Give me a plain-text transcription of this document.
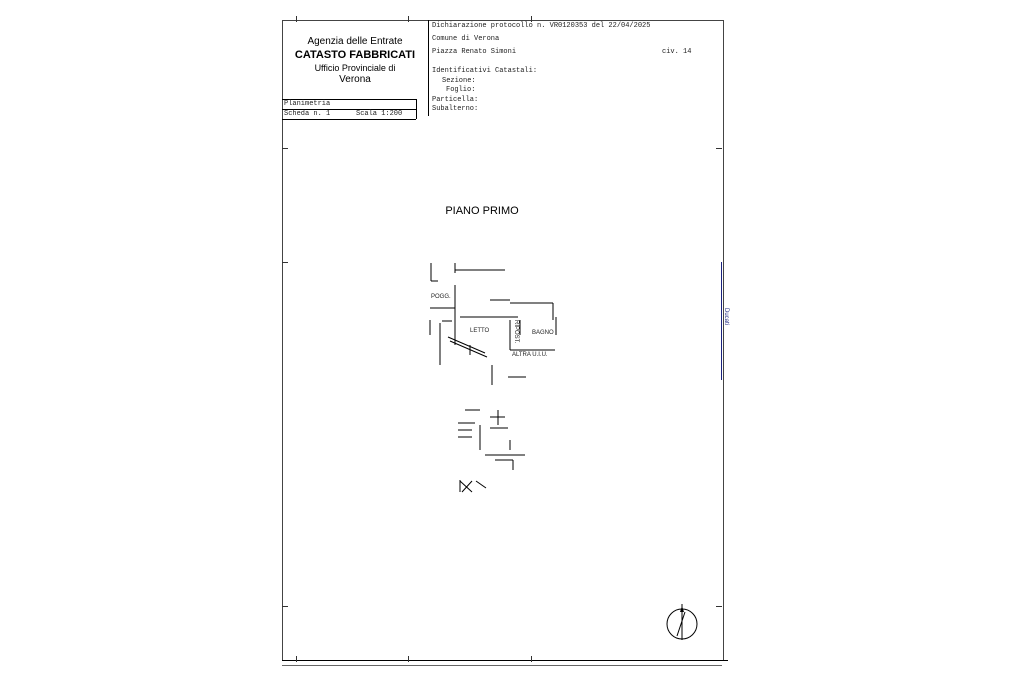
Agenzia delle Entrate
CATASTO FABBRICATI
Ufficio Provinciale di
Verona
Dichiarazione protocollo n. VR0120353 del 22/04/2025
Comune di Verona
Piazza Renato Simoni	civ. 14
Identificativi Catastali:
Sezione:
Foglio:
Particella:
Subalterno:
Planimetria
Scheda n. 1	Scala 1:200
PIANO PRIMO
POGG.
LETTO	RIPOST. BAGNO
ALTRA U.I.U.
Ducati
